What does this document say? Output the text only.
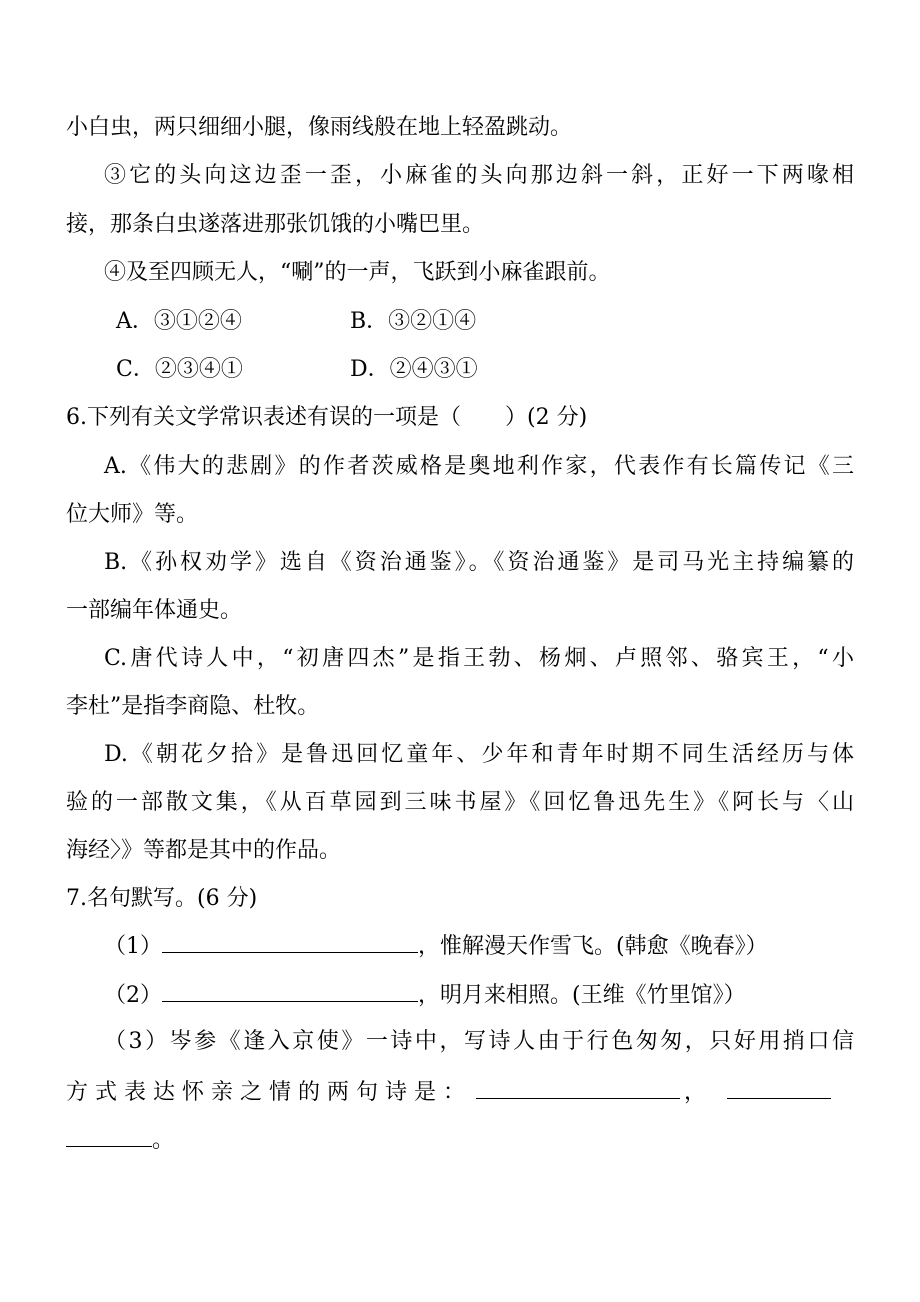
小白虫，两只细细小腿，像雨线般在地上轻盈跳动。
③它的头向这边歪一歪，小麻雀的头向那边斜一斜，正好一下两喙相
接，那条白虫遂落进那张饥饿的小嘴巴里。
④及至四顾无人，“唰”的一声，飞跃到小麻雀跟前。
A．③①②④	B．③②①④
C．②③④①	D．②④③①
6.下列有关文学常识表述有误的一项是（　　）(2 分)
A.《伟大的悲剧》的作者茨威格是奥地利作家，代表作有长篇传记《三
位大师》等。
B.《孙权劝学》选自《资治通鉴》。《资治通鉴》是司马光主持编纂的
一部编年体通史。
C.唐代诗人中，“初唐四杰”是指王勃、杨炯、卢照邻、骆宾王，“小
李杜”是指李商隐、杜牧。
D.《朝花夕拾》是鲁迅回忆童年、少年和青年时期不同生活经历与体
验的一部散文集，《从百草园到三味书屋》《回忆鲁迅先生》《阿长与〈山
海经〉》等都是其中的作品。
7.名句默写。(6 分)
（1）	，惟解漫天作雪飞。(韩愈《晚春》）
（2）	，明月来相照。(王维《竹里馆》）
（3）岑参《逢入京使》一诗中，写诗人由于行色匆匆，只好用捎口信
方式表达怀亲之情的两句诗是：	，
。
